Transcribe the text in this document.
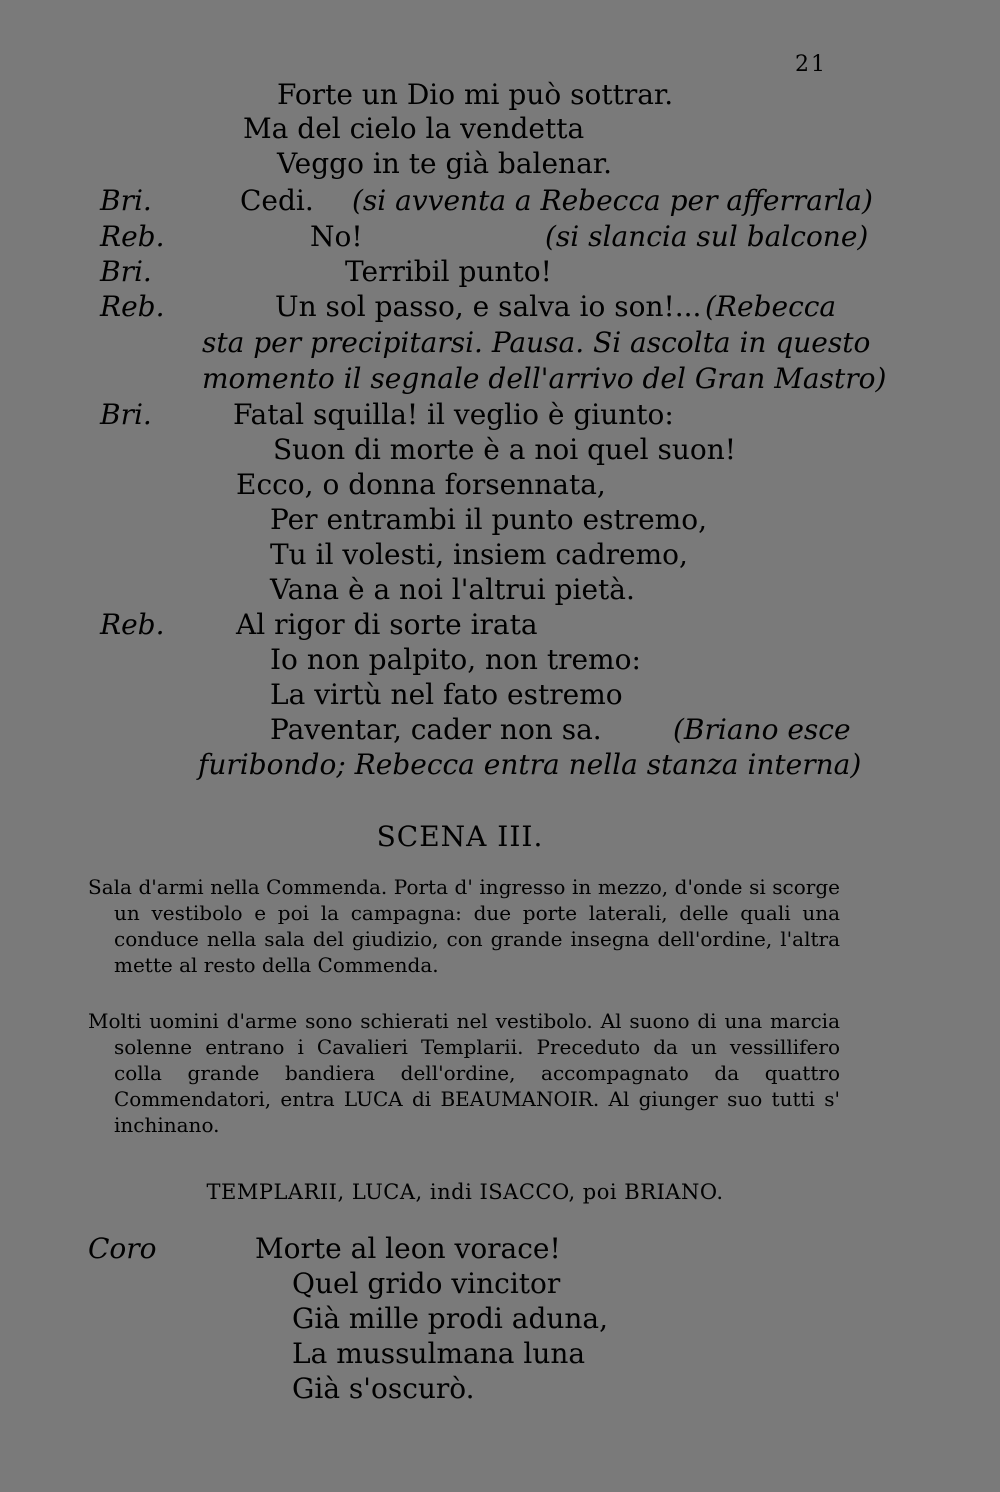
21
Forte un Dio mi può sottrar.
Ma del cielo la vendetta
Veggo in te già balenar.
Bri.	Cedi. (si avventa a Rebecca per afferrarla)
Reb.	No!	(si slancia sul balcone)
Bri.	Terribil punto!
Reb.	Un sol passo, e salva io son!... (Rebecca
sta per precipitarsi. Pausa. Si ascolta in questo
momento il segnale dell'arrivo del Gran Mastro)
Bri.	Fatal squilla! il veglio è giunto:
Suon di morte è a noi quel suon!
Ecco, o donna forsennata,
Per entrambi il punto estremo,
Tu il volesti, insiem cadremo,
Vana è a noi l'altrui pietà.
Reb.	Al rigor di sorte irata
Io non palpito, non tremo:
La virtù nel fato estremo
Paventar, cader non sa.	(Briano esce
furibondo; Rebecca entra nella stanza interna)
SCENA III.

Sala d'armi nella Commenda. Porta d' ingresso in mezzo, d'onde si scorge un vestibolo e poi la campagna: due porte laterali, delle quali una conduce nella sala del giudizio, con grande insegna dell'ordine, l'altra mette al resto della Commenda.

Molti uomini d'arme sono schierati nel vestibolo. Al suono di una marcia solenne entrano i Cavalieri Templarii. Preceduto da un vessillifero colla grande bandiera dell'ordine, accompagnato da quattro Commendatori, entra LUCA di BEAUMANOIR. Al giunger suo tutti s' inchinano.

TEMPLARII, LUCA, indi ISACCO, poi BRIANO.
Coro	Morte al leon vorace!
Quel grido vincitor
Già mille prodi aduna,
La mussulmana luna
Già s'oscurò.
